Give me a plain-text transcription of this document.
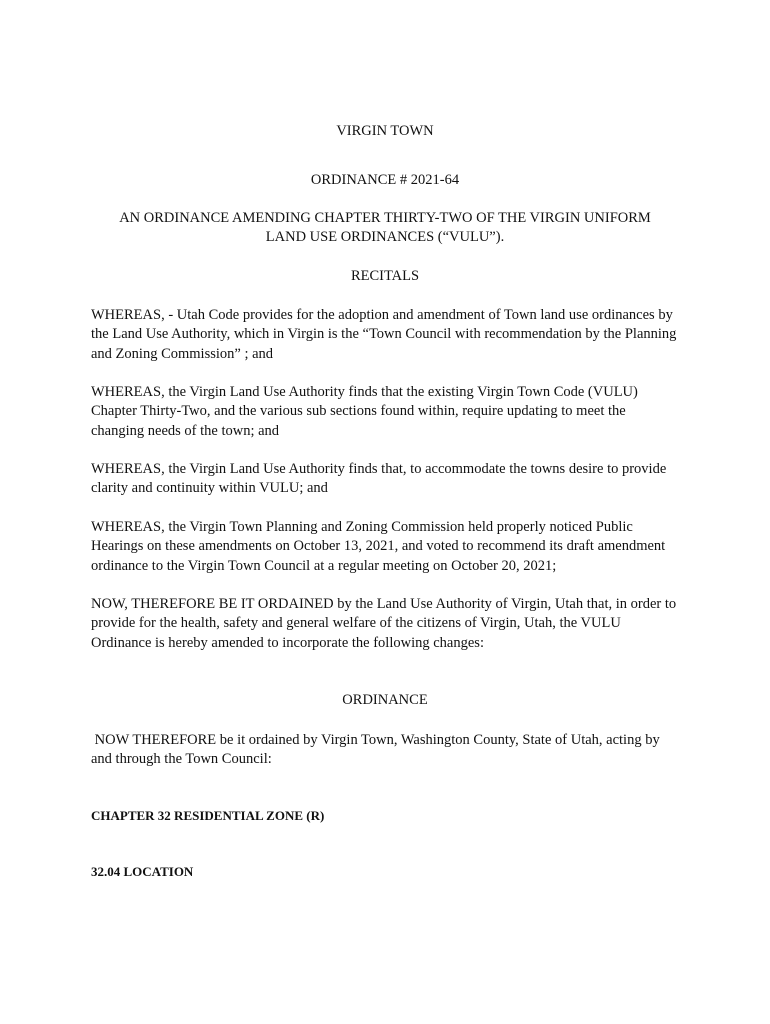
VIRGIN TOWN

ORDINANCE # 2021-64

AN ORDINANCE AMENDING CHAPTER THIRTY-TWO OF THE VIRGIN UNIFORM

LAND USE ORDINANCES (“VULU”).

RECITALS

WHEREAS, - Utah Code provides for the adoption and amendment of Town land use ordinances by the Land Use Authority, which in Virgin is the “Town Council with recommendation by the Planning and Zoning Commission” ; and

WHEREAS, the Virgin Land Use Authority finds that the existing Virgin Town Code (VULU) Chapter Thirty-Two, and the various sub sections found within, require updating to meet the changing needs of the town; and

WHEREAS, the Virgin Land Use Authority finds that, to accommodate the towns desire to provide clarity and continuity within VULU; and

WHEREAS, the Virgin Town Planning and Zoning Commission held properly noticed Public Hearings on these amendments on October 13, 2021, and voted to recommend its draft amendment ordinance to the Virgin Town Council at a regular meeting on October 20, 2021;

NOW, THEREFORE BE IT ORDAINED by the Land Use Authority of Virgin, Utah that, in order to provide for the health, safety and general welfare of the citizens of Virgin, Utah, the VULU Ordinance is hereby amended to incorporate the following changes:

ORDINANCE

NOW THEREFORE be it ordained by Virgin Town, Washington County, State of Utah, acting by and through the Town Council:

CHAPTER 32 RESIDENTIAL ZONE (R)

32.04 LOCATION
